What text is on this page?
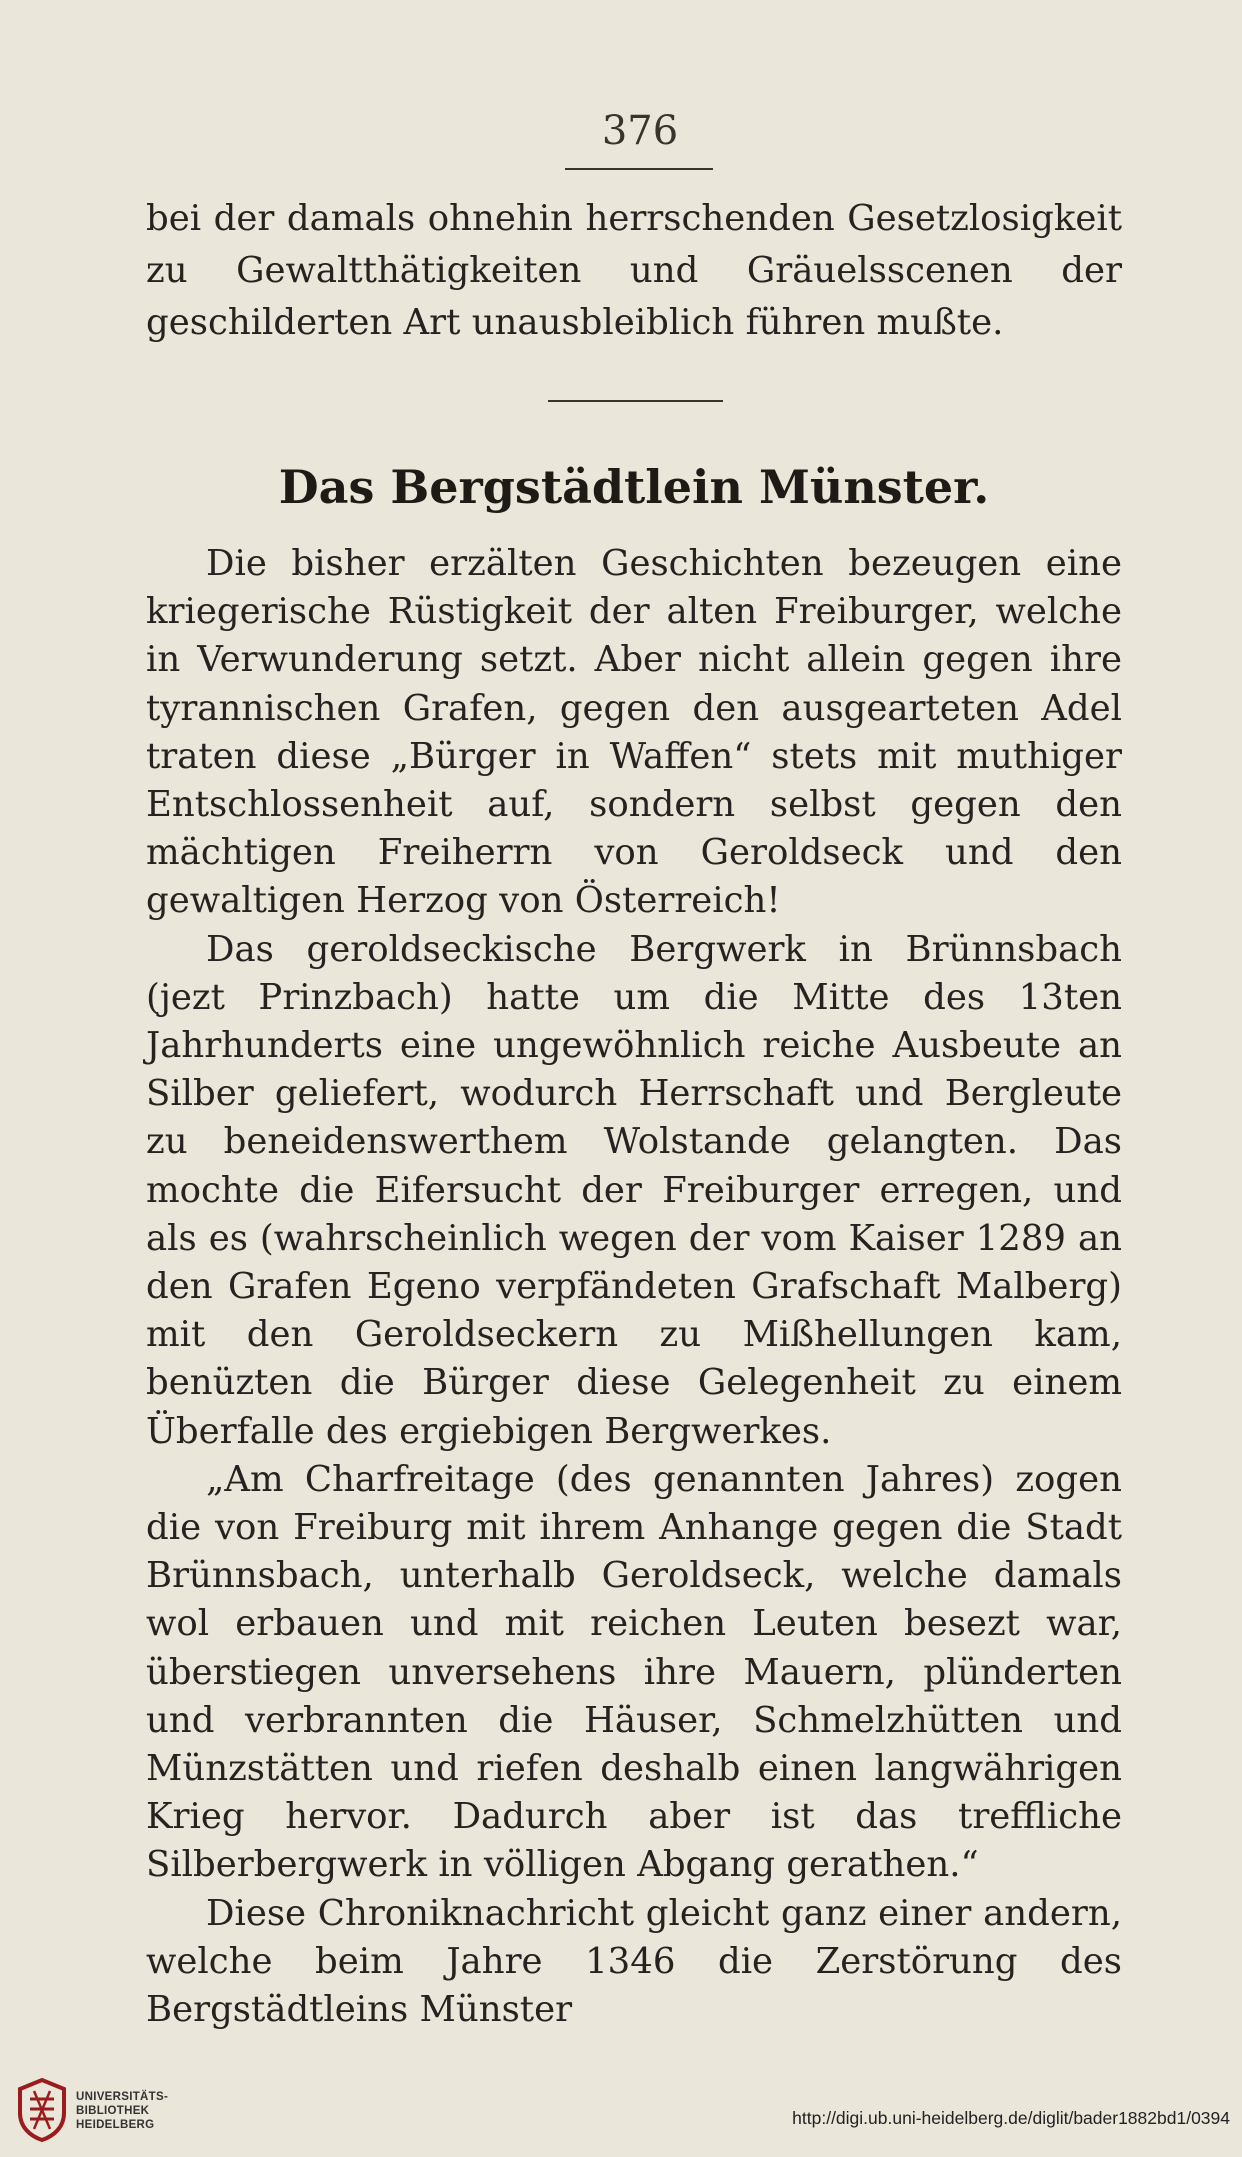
376

bei der damals ohnehin herrschenden Gesetzlosigkeit zu Gewaltthätigkeiten und Gräuelsscenen der geschilderten Art unausbleiblich führen mußte.

Das Bergstädtlein Münster.

Die bisher erzälten Geschichten bezeugen eine kriegerische Rüstigkeit der alten Freiburger, welche in Verwunderung setzt. Aber nicht allein gegen ihre tyrannischen Grafen, gegen den ausgearteten Adel traten diese „Bürger in Waffen“ stets mit muthiger Entschlossenheit auf, sondern selbst gegen den mächtigen Freiherrn von Geroldseck und den gewaltigen Herzog von Österreich!

Das geroldseckische Bergwerk in Brünnsbach (jezt Prinzbach) hatte um die Mitte des 13ten Jahrhunderts eine ungewöhnlich reiche Ausbeute an Silber geliefert, wodurch Herrschaft und Bergleute zu beneidenswerthem Wolstande gelangten. Das mochte die Eifersucht der Freiburger erregen, und als es (wahrscheinlich wegen der vom Kaiser 1289 an den Grafen Egeno verpfändeten Grafschaft Malberg) mit den Geroldseckern zu Mißhellungen kam, benüzten die Bürger diese Gelegenheit zu einem Überfalle des ergiebigen Bergwerkes.

„Am Charfreitage (des genannten Jahres) zogen die von Freiburg mit ihrem Anhange gegen die Stadt Brünnsbach, unterhalb Geroldseck, welche damals wol erbauen und mit reichen Leuten besezt war, überstiegen unversehens ihre Mauern, plünderten und verbrannten die Häuser, Schmelzhütten und Münzstätten und riefen deshalb einen langwährigen Krieg hervor. Dadurch aber ist das treffliche Silberbergwerk in völligen Abgang gerathen.“

Diese Chroniknachricht gleicht ganz einer andern, welche beim Jahre 1346 die Zerstörung des Bergstädtleins Münster

UNIVERSITÄTS-
BIBLIOTHEK
HEIDELBERG	http://digi.ub.uni-heidelberg.de/diglit/bader1882bd1/0394
